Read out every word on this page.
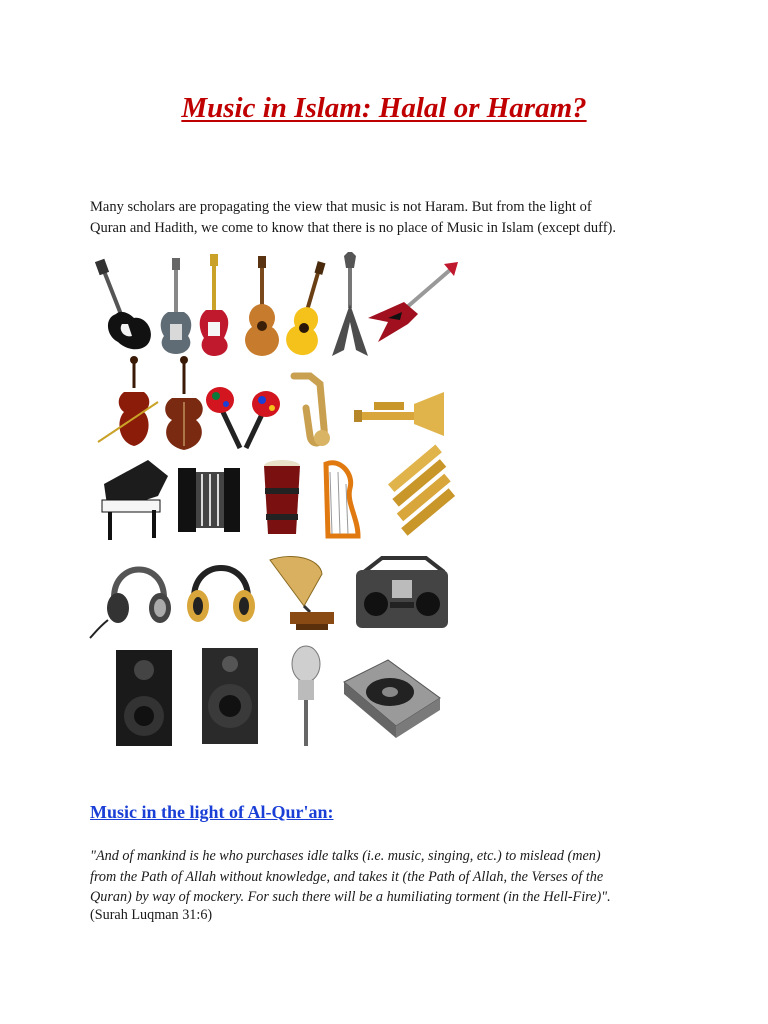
Music in Islam: Halal or Haram?
Many scholars are propagating the view that music is not Haram. But from the light of
Quran and Hadith, we come to know that there is no place of Music in Islam (except duff).
Music in the light of Al-Qur'an:
"And of mankind is he who purchases idle talks (i.e. music, singing, etc.) to mislead (men)
from the Path of Allah without knowledge, and takes it (the Path of Allah, the Verses of the
Quran) by way of mockery. For such there will be a humiliating torment (in the Hell-Fire)".
(Surah Luqman 31:6)
